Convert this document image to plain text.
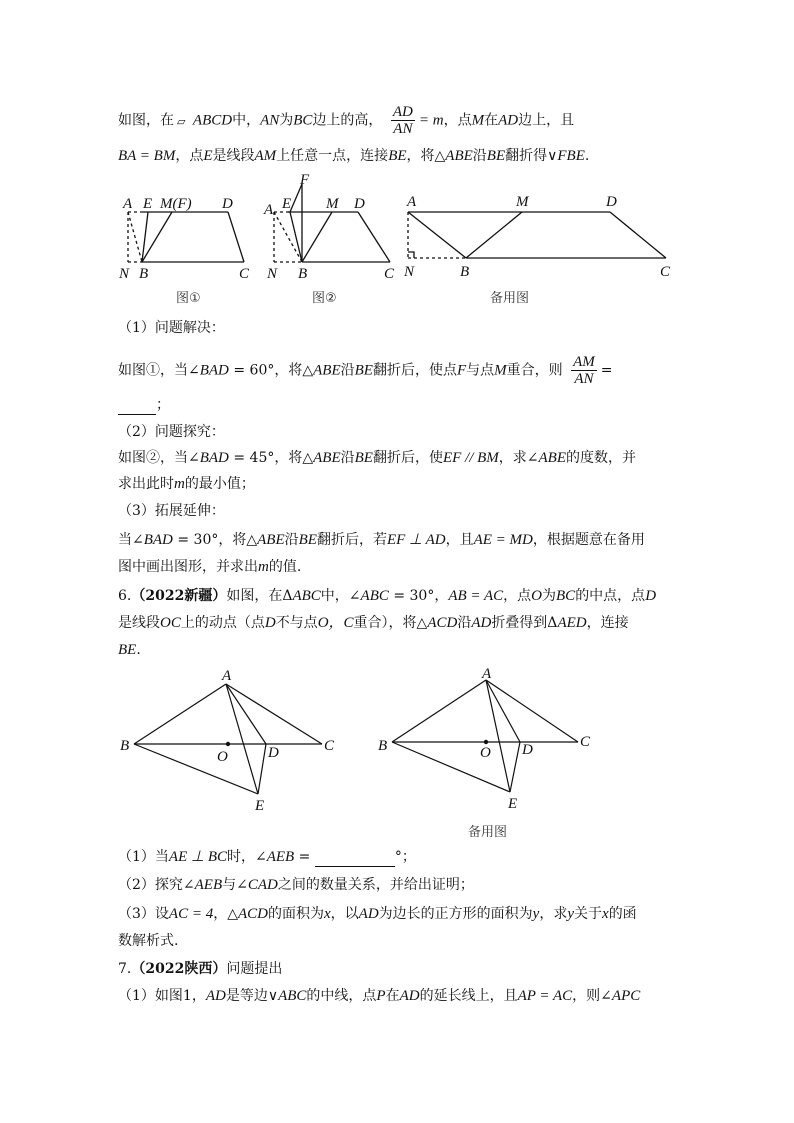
如图，在 ▱ ABCD中，AN为BC边上的高， $\frac{AD}{AN} = m$，点M在AD边上，且
BA = BM，点E是线段AM上任意一点，连接BE，将△ABE沿BE翻折得∨FBE.
A E M(F) D
N B	C
图①
F
A E M D
N B	C
图②
A	M	D
N	B	C
备用图
（1）问题解决：
如图①，当∠BAD = 60°，将△ABE沿BE翻折后，使点F与点M重合，则 $\frac{AM}{AN}$ =
；
（2）问题探究：
如图②，当∠BAD = 45°，将△ABE沿BE翻折后，使EF // BM，求∠ABE的度数，并
求出此时m的最小值；
（3）拓展延伸：
当∠BAD = 30°，将△ABE沿BE翻折后，若EF ⊥ AD，且AE = MD，根据题意在备用
图中画出图形，并求出m的值.
6.（2022新疆）如图，在ΔABC中，∠ABC = 30°，AB = AC，点O为BC的中点，点D
是线段OC上的动点（点D不与点O，C重合），将△ACD沿AD折叠得到ΔAED，连接
BE.
A
B	C
O	D
E
A
B	C
O D
E
备用图
（1）当AE ⊥ BC时，∠AEB =	°；
（2）探究∠AEB与∠CAD之间的数量关系，并给出证明；
（3）设AC = 4，△ACD的面积为x，以AD为边长的正方形的面积为y，求y关于x的函
数解析式.
7.（2022陕西）问题提出
（1）如图1，AD是等边∨ABC的中线，点P在AD的延长线上，且AP = AC，则∠APC
